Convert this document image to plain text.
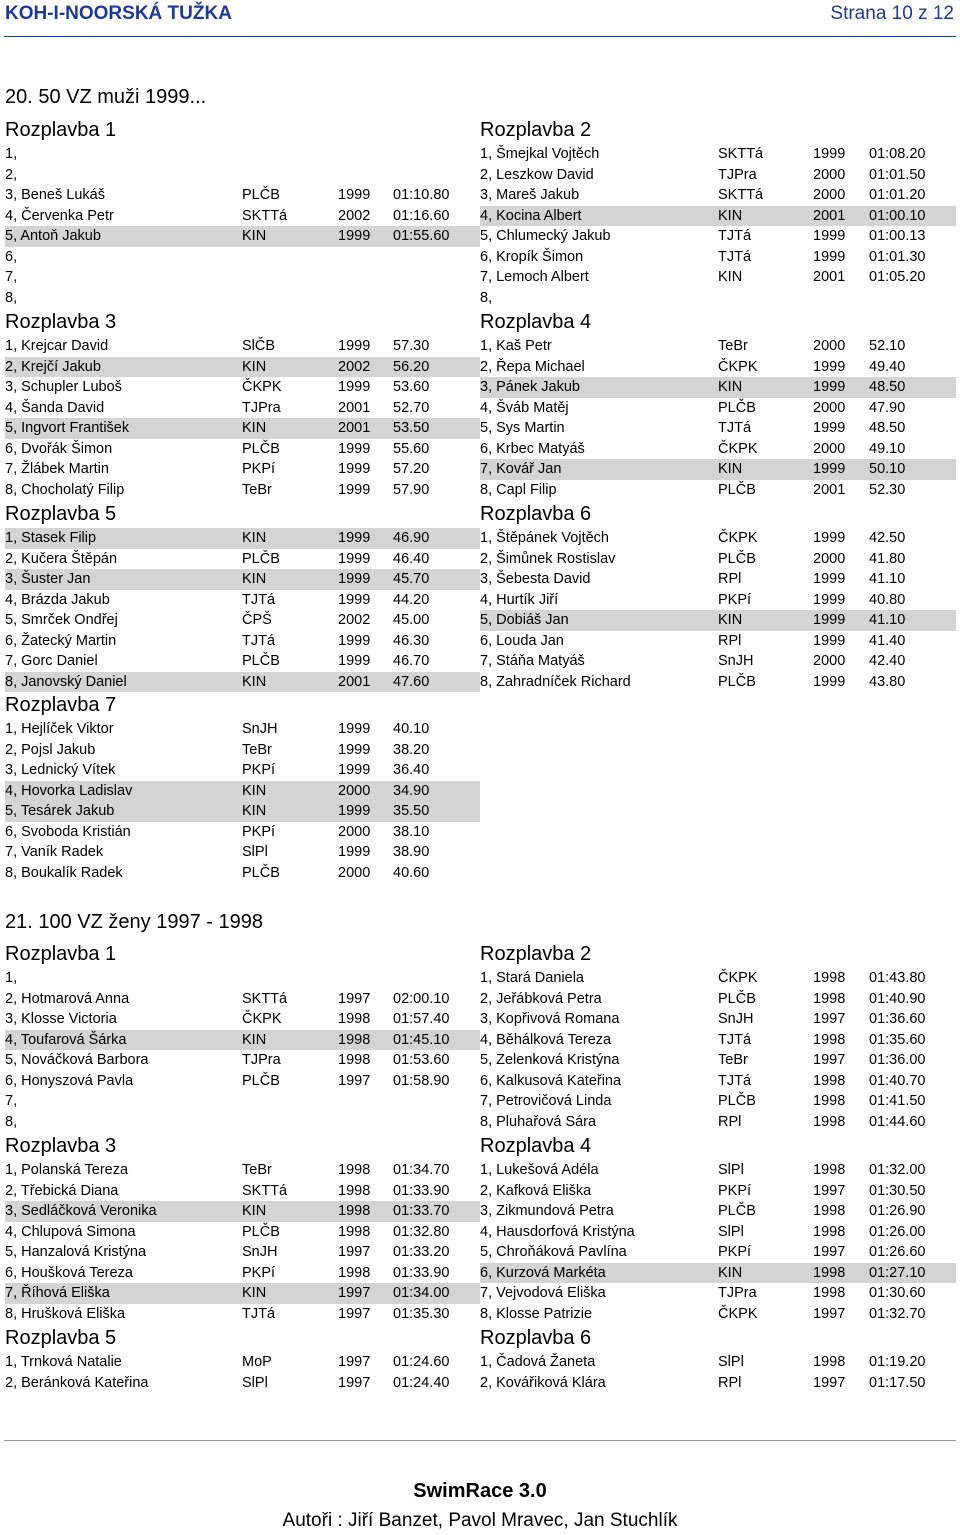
KOH-I-NOORSKÁ TUŽKA	Strana 10 z 12
20. 50 VZ muži 1999...
Rozplavba 1
1,
2,
3, Beneš Lukáš	PLČB	1999 01:10.80
4, Červenka Petr	SKTTá	2002 01:16.60
5, Antoň Jakub	KIN	1999 01:55.60
6,
7,
8,
Rozplavba 2
1, Šmejkal Vojtěch	SKTTá	1999 01:08.20
2, Leszkow David	TJPra	2000 01:01.50
3, Mareš Jakub	SKTTá	2000 01:01.20
4, Kocina Albert	KIN	2001 01:00.10
5, Chlumecký Jakub	TJTá	1999 01:00.13
6, Kropík Šimon	TJTá	1999 01:01.30
7, Lemoch Albert	KIN	2001 01:05.20
8,
Rozplavba 3
1, Krejcar David	SlČB	1999 57.30
2, Krejčí Jakub	KIN	2002 56.20
3, Schupler Luboš	ČKPK	1999 53.60
4, Šanda David	TJPra	2001 52.70
5, Ingvort František	KIN	2001 53.50
6, Dvořák Šimon	PLČB	1999 55.60
7, Žlábek Martin	PKPí	1999 57.20
8, Chocholatý Filip	TeBr	1999 57.90
Rozplavba 4
1, Kaš Petr	TeBr	2000 52.10
2, Řepa Michael	ČKPK	1999 49.40
3, Pánek Jakub	KIN	1999 48.50
4, Šváb Matěj	PLČB	2000 47.90
5, Sys Martin	TJTá	1999 48.50
6, Krbec Matyáš	ČKPK	2000 49.10
7, Kovář Jan	KIN	1999 50.10
8, Capl Filip	PLČB	2001 52.30
Rozplavba 5
1, Stasek Filip	KIN	1999 46.90
2, Kučera Štěpán	PLČB	1999 46.40
3, Šuster Jan	KIN	1999 45.70
4, Brázda Jakub	TJTá	1999 44.20
5, Smrček Ondřej	ČPŠ	2002 45.00
6, Žatecký Martin	TJTá	1999 46.30
7, Gorc Daniel	PLČB	1999 46.70
8, Janovský Daniel	KIN	2001 47.60
Rozplavba 6
1, Štěpánek Vojtěch	ČKPK	1999 42.50
2, Šimůnek Rostislav	PLČB	2000 41.80
3, Šebesta David	RPl	1999 41.10
4, Hurtík Jiří	PKPí	1999 40.80
5, Dobiáš Jan	KIN	1999 41.10
6, Louda Jan	RPl	1999 41.40
7, Stáňa Matyáš	SnJH	2000 42.40
8, Zahradníček Richard	PLČB	1999 43.80
Rozplavba 7
1, Hejlíček Viktor	SnJH	1999 40.10
2, Pojsl Jakub	TeBr	1999 38.20
3, Lednický Vítek	PKPí	1999 36.40
4, Hovorka Ladislav	KIN	2000 34.90
5, Tesárek Jakub	KIN	1999 35.50
6, Svoboda Kristián	PKPí	2000 38.10
7, Vaník Radek	SlPl	1999 38.90
8, Boukalík Radek	PLČB	2000 40.60
21. 100 VZ ženy 1997 - 1998
Rozplavba 1
1,
2, Hotmarová Anna	SKTTá	1997 02:00.10
3, Klosse Victoria	ČKPK	1998 01:57.40
4, Toufarová Šárka	KIN	1998 01:45.10
5, Nováčková Barbora	TJPra	1998 01:53.60
6, Honyszová Pavla	PLČB	1997 01:58.90
7,
8,
Rozplavba 2
1, Stará Daniela	ČKPK	1998 01:43.80
2, Jeřábková Petra	PLČB	1998 01:40.90
3, Kopřivová Romana	SnJH	1997 01:36.60
4, Běhálková Tereza	TJTá	1998 01:35.60
5, Zelenková Kristýna	TeBr	1997 01:36.00
6, Kalkusová Kateřina	TJTá	1998 01:40.70
7, Petrovičová Linda	PLČB	1998 01:41.50
8, Pluhařová Sára	RPl	1998 01:44.60
Rozplavba 3
1, Polanská Tereza	TeBr	1998 01:34.70
2, Třebická Diana	SKTTá	1998 01:33.90
3, Sedláčková Veronika	KIN	1998 01:33.70
4, Chlupová Simona	PLČB	1998 01:32.80
5, Hanzalová Kristýna	SnJH	1997 01:33.20
6, Houšková Tereza	PKPí	1998 01:33.90
7, Říhová Eliška	KIN	1997 01:34.00
8, Hrušková Eliška	TJTá	1997 01:35.30
Rozplavba 4
1, Lukešová Adéla	SlPl	1998 01:32.00
2, Kafková Eliška	PKPí	1997 01:30.50
3, Zikmundová Petra	PLČB	1998 01:26.90
4, Hausdorfová Kristýna	SlPl	1998 01:26.00
5, Chroňáková Pavlína	PKPí	1997 01:26.60
6, Kurzová Markéta	KIN	1998 01:27.10
7, Vejvodová Eliška	TJPra	1998 01:30.60
8, Klosse Patrizie	ČKPK	1997 01:32.70
Rozplavba 5
1, Trnková Natalie	MoP	1997 01:24.60
2, Beránková Kateřina	SlPl	1997 01:24.40
Rozplavba 6
1, Čadová Žaneta	SlPl	1998 01:19.20
2, Kovářiková Klára	RPl	1997 01:17.50
SwimRace 3.0
Autoři : Jiří Banzet, Pavol Mravec, Jan Stuchlík
